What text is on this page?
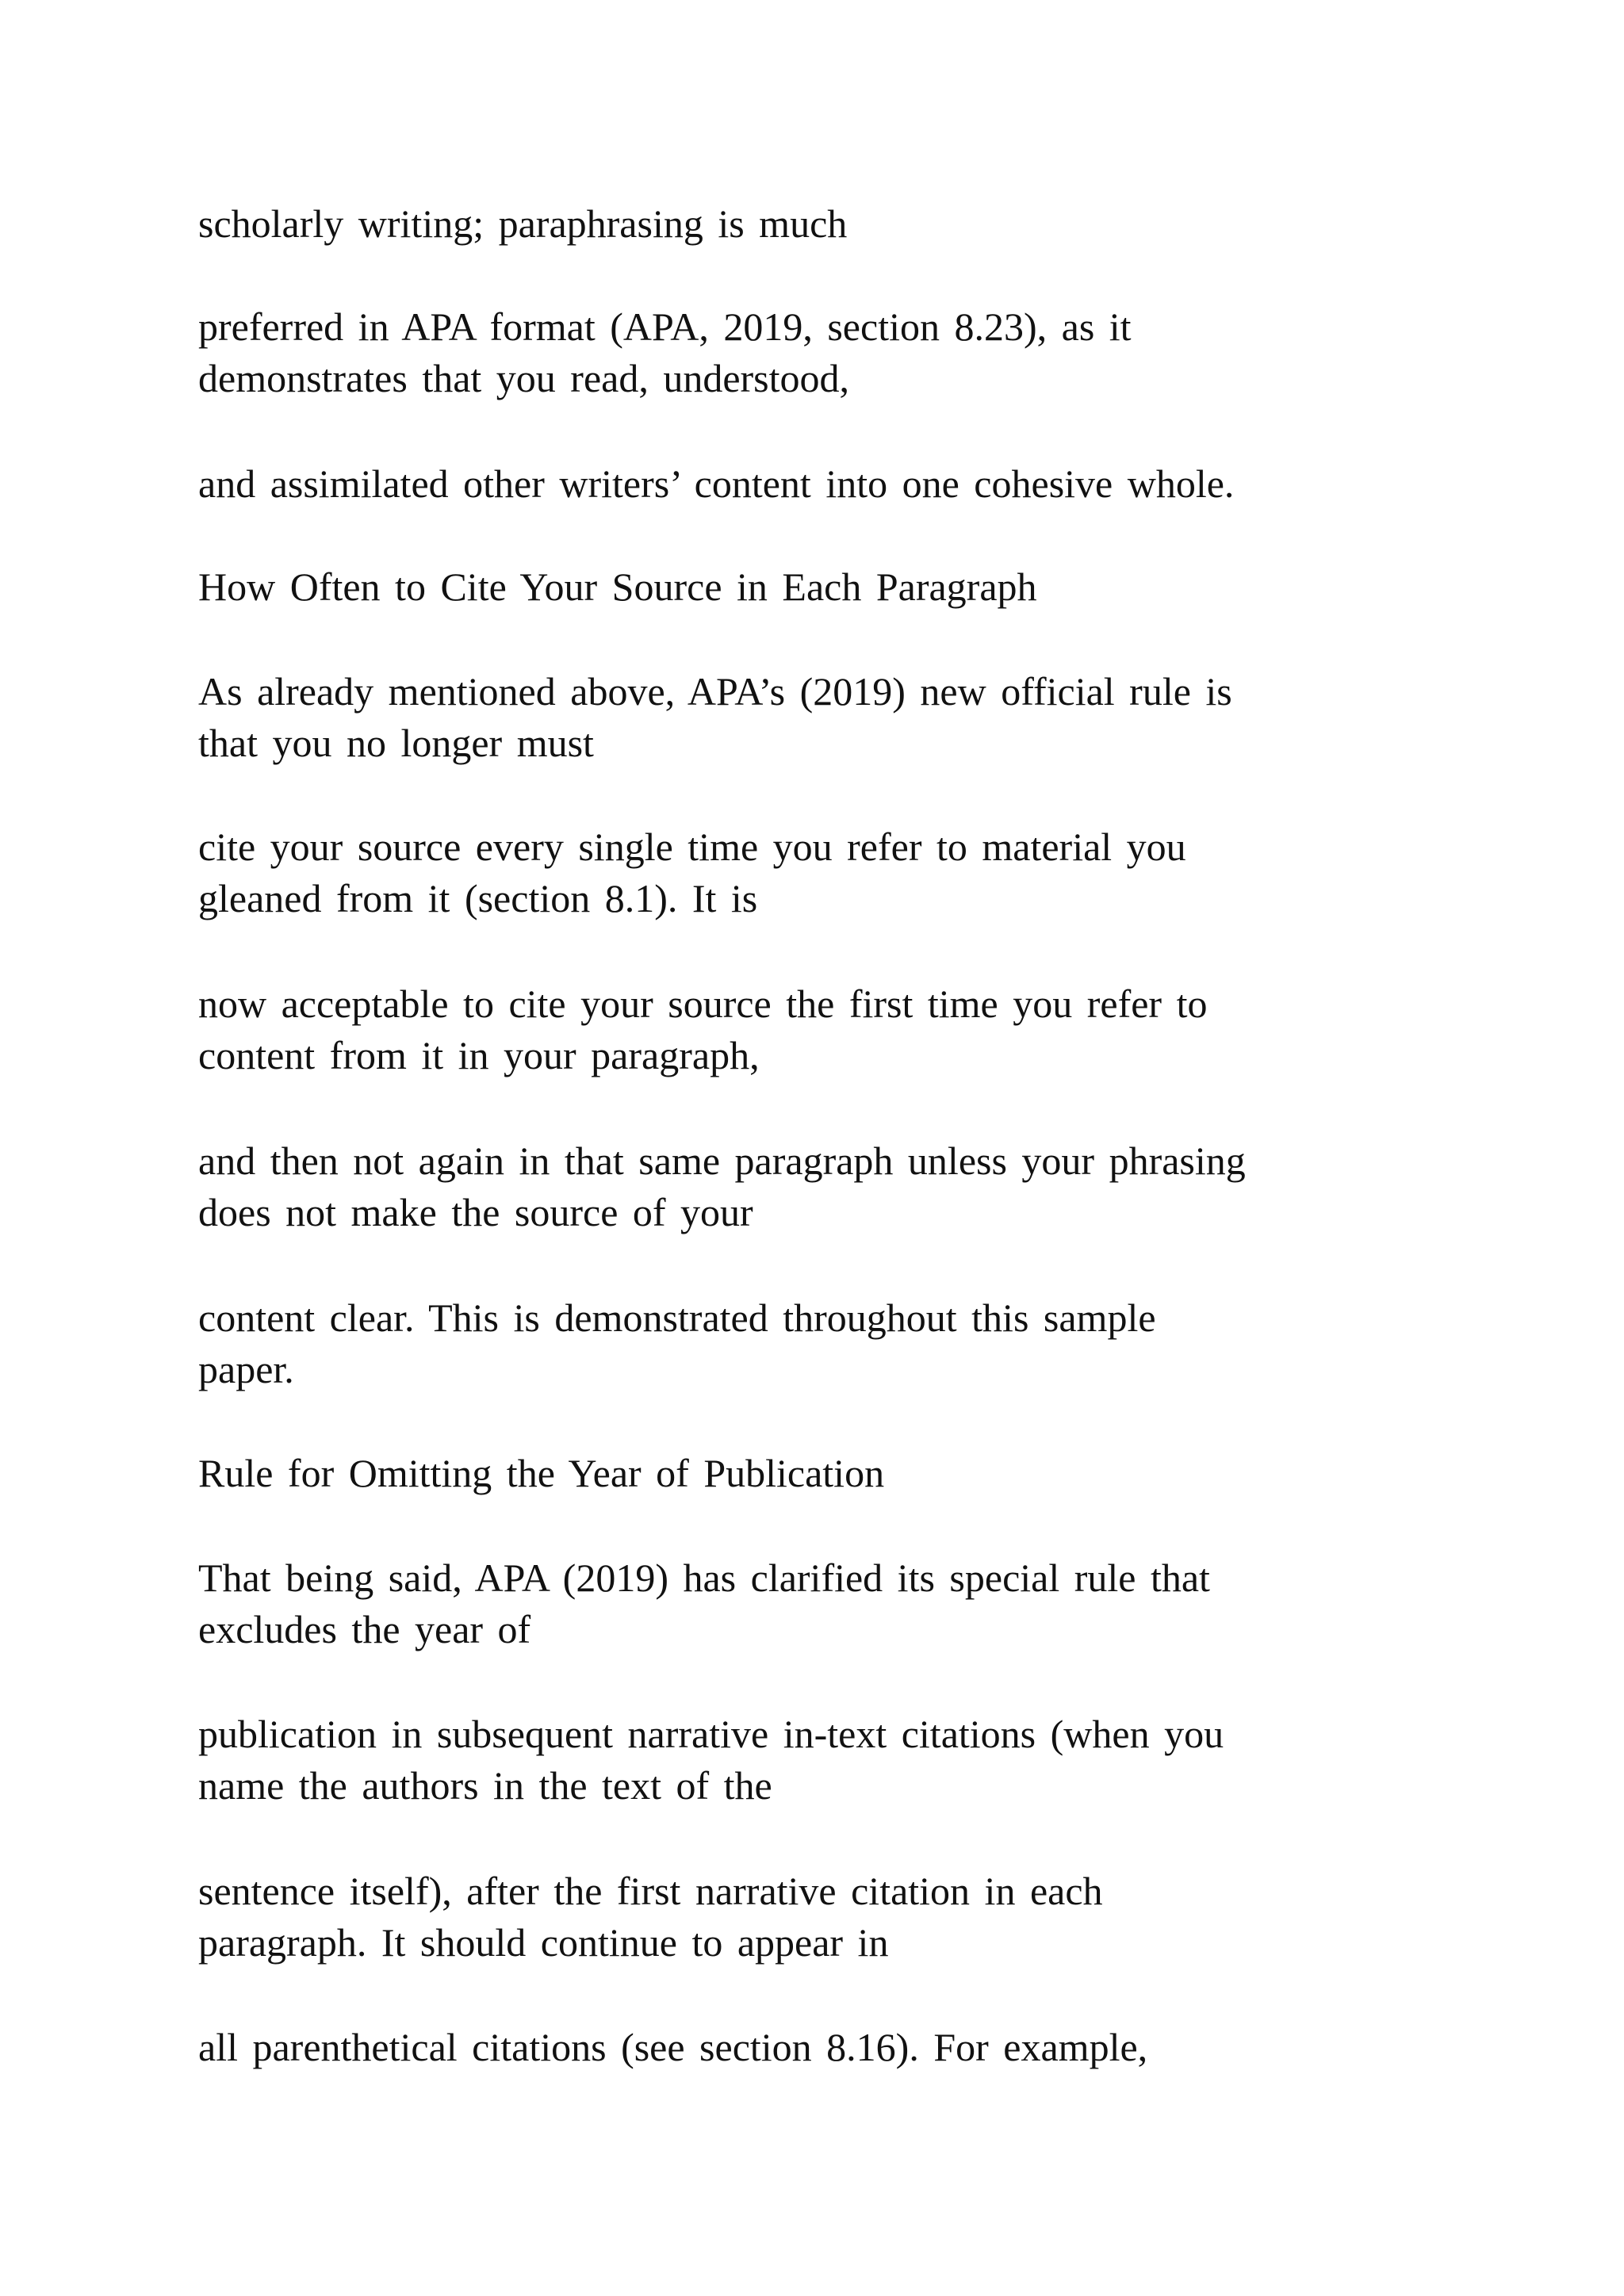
scholarly writing; paraphrasing is much
preferred in APA format (APA, 2019, section 8.23), as it
demonstrates that you read, understood,
and assimilated other writers’ content into one cohesive whole.
How Often to Cite Your Source in Each Paragraph
As already mentioned above, APA’s (2019) new official rule is
that you no longer must
cite your source every single time you refer to material you
gleaned from it (section 8.1). It is
now acceptable to cite your source the first time you refer to
content from it in your paragraph,
and then not again in that same paragraph unless your phrasing
does not make the source of your
content clear. This is demonstrated throughout this sample
paper.
Rule for Omitting the Year of Publication
That being said, APA (2019) has clarified its special rule that
excludes the year of
publication in subsequent narrative in-text citations (when you
name the authors in the text of the
sentence itself), after the first narrative citation in each
paragraph. It should continue to appear in
all parenthetical citations (see section 8.16). For example,
